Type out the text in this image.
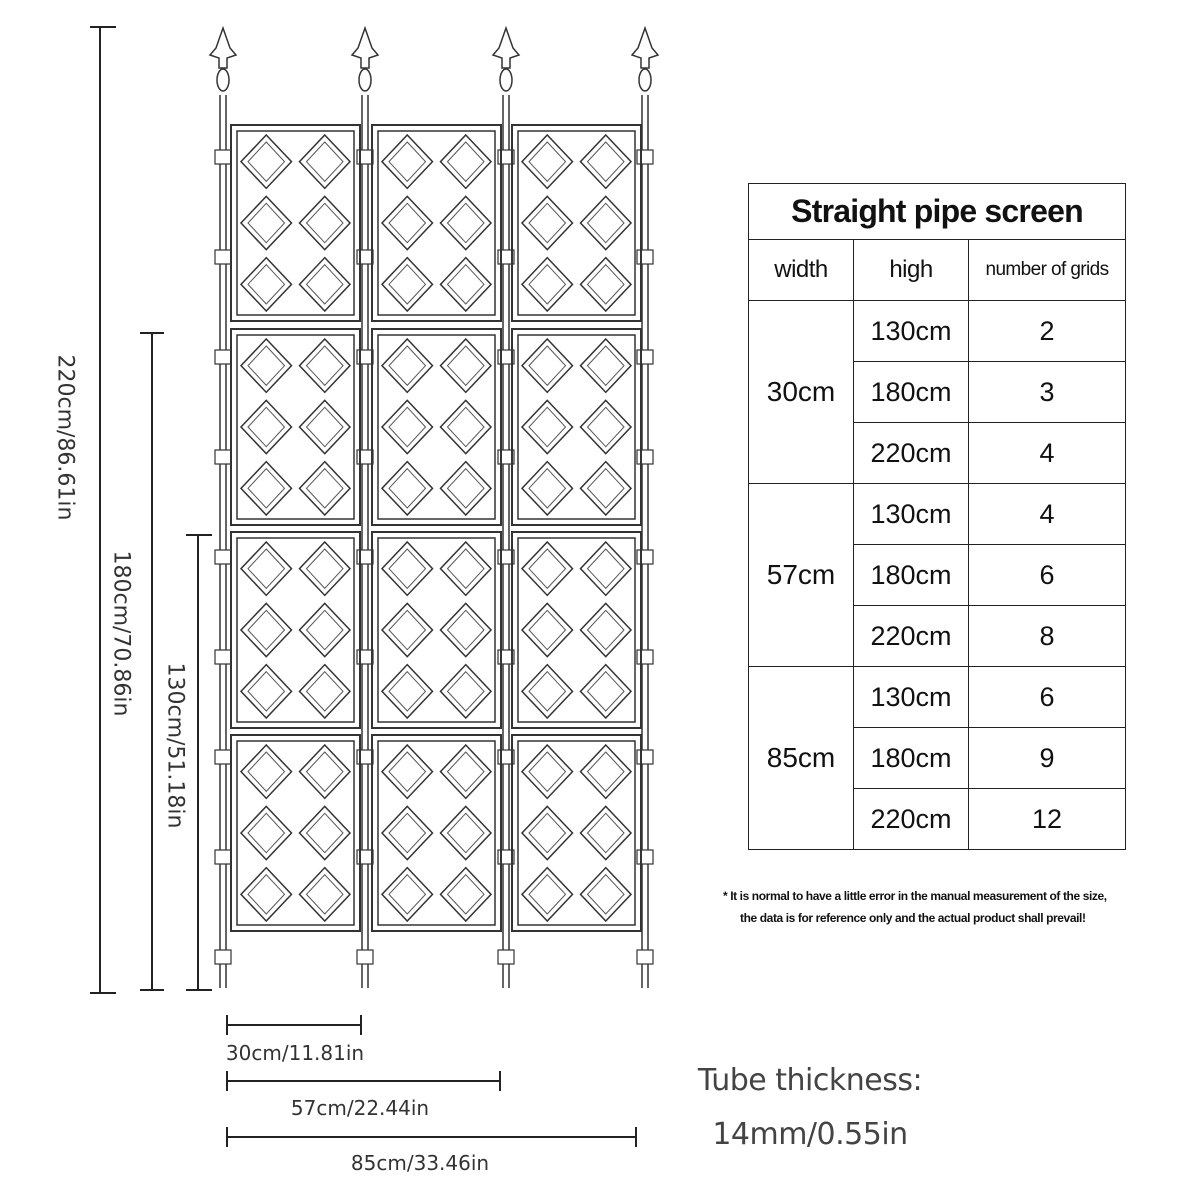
220cm/86.61in
180cm/70.86in
130cm/51.18in
30cm/11.81in
57cm/22.44in
85cm/33.46in
Tube thickness:
14mm/0.55in
Straight pipe screen		
width	high	number of grids
30cm	130cm	2
	180cm	3
	220cm	4
57cm	130cm	4
	180cm	6
	220cm	8
85cm	130cm	6
	180cm	9
	220cm	12
* It is normal to have a little error in the manual measurement of the size,
the data is for reference only and the actual product shall prevail!
